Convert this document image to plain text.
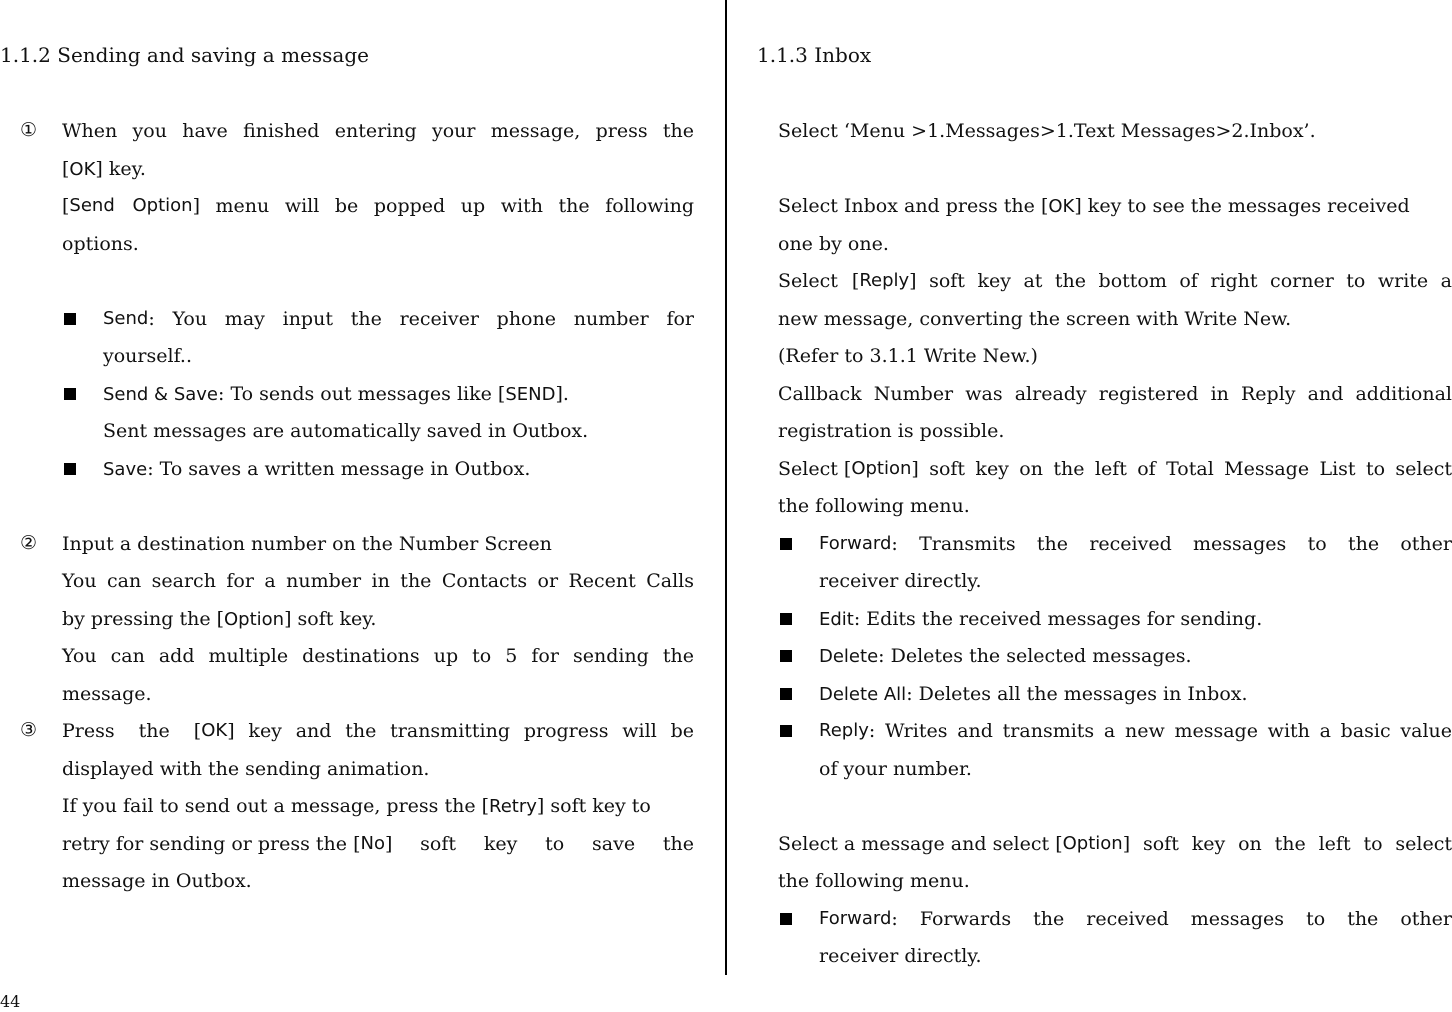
1.1.2 Sending and saving a message
① When you have finished entering your message, press the
[OK] key.
[ Send Option ] menu will be popped up with the following
options.
Send : You may input the receiver phone number for
yourself..
Send & Save: To sends out messages like [SEND].
Sent messages are automatically saved in Outbox.
Save: To saves a written message in Outbox.
② Input a destination number on the Number Screen
You can search for a number in the Contacts or Recent Calls
by pressing the [Option] soft key.
You can add multiple destinations up to 5 for sending the
message.
③ Press the [ OK ] key and the transmitting progress will be
displayed with the sending animation.
If you fail to send out a message, press the [Retry] soft key to
retry for sending or press the [ No ] soft key to save the
message in Outbox.
1.1.3 Inbox
Select ‘Menu >1.Messages>1.Text Messages>2.Inbox’.
Select Inbox and press the [OK] key to see the messages received
one by one.
Select [ Reply ] soft key at the bottom of right corner to write a
new message, converting the screen with Write New.
(Refer to 3.1.1 Write New.)
Callback Number was already registered in Reply and additional
registration is possible.
Select [ Option ] soft key on the left of Total Message List to select
the following menu.
Forward : Transmits the received messages to the other
receiver directly.
Edit: Edits the received messages for sending.
Delete: Deletes the selected messages.
Delete All: Deletes all the messages in Inbox.
Reply : Writes and transmits a new message with a basic value
of your number.
Select a message and select [ Option ] soft key on the left to select
the following menu.
Forward : Forwards the received messages to the other
receiver directly.
44
